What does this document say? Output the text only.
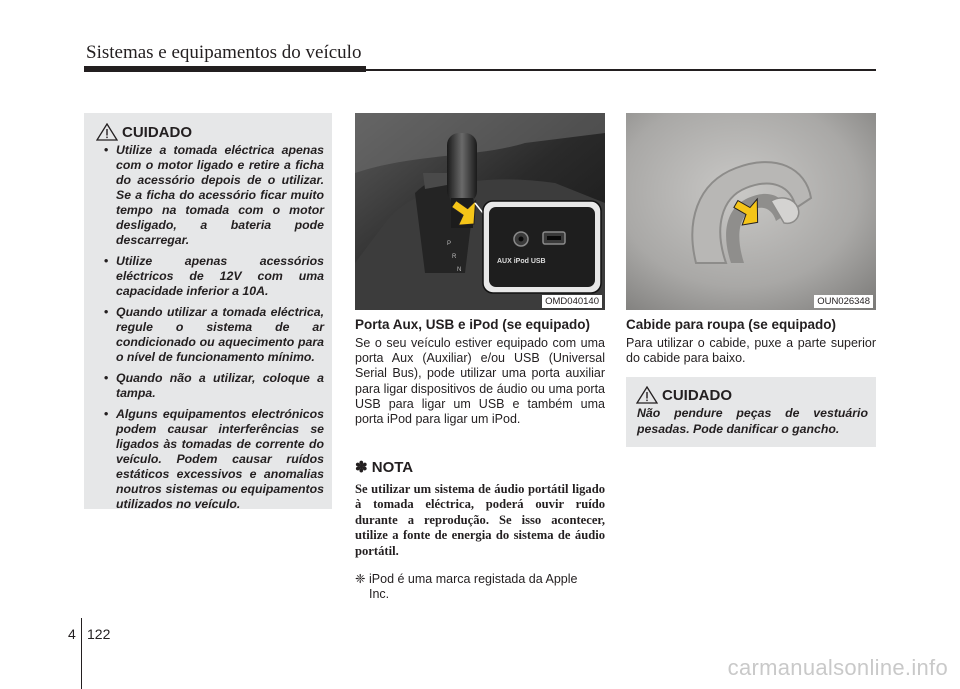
Sistemas e equipamentos do veículo
CUIDADO
• Utilize a tomada eléctrica apenas com o motor ligado e retire a ficha do acessório depois de o utilizar. Se a ficha do acessório ficar muito tempo na tomada com o motor desligado, a bateria pode descarregar.
• Utilize apenas acessórios eléctricos de 12V com uma capacidade inferior a 10A.
• Quando utilizar a tomada eléctrica, regule o sistema de ar condicionado ou aquecimento para o nível de funcionamento mínimo.
• Quando não a utilizar, coloque a tampa.
• Alguns equipamentos electrónicos podem causar interferências se ligados às tomadas de corrente do veículo. Podem causar ruídos estáticos excessivos e anomalias noutros sistemas ou equipamentos utilizados no veículo.
AUX iPod USB
P
R
N
OMD040140	OUN026348
Porta Aux, USB e iPod (se equipado)
Se o seu veículo estiver equipado com uma porta Aux (Auxiliar) e/ou USB (Universal Serial Bus), pode utilizar uma porta auxiliar para ligar dispositivos de áudio ou uma porta USB para ligar um USB e também uma porta iPod para ligar um iPod.
✽ NOTA
Se utilizar um sistema de áudio portátil ligado à tomada eléctrica, poderá ouvir ruído durante a reprodução. Se isso acontecer, utilize a fonte de energia do sistema de áudio portátil.
❈ iPod é uma marca registada da Apple
Inc.
Cabide para roupa (se equipado)
Para utilizar o cabide, puxe a parte superior do cabide para baixo.
CUIDADO
Não pendure peças de vestuário pesadas. Pode danificar o gancho.
4 122
carmanualsonline.info
